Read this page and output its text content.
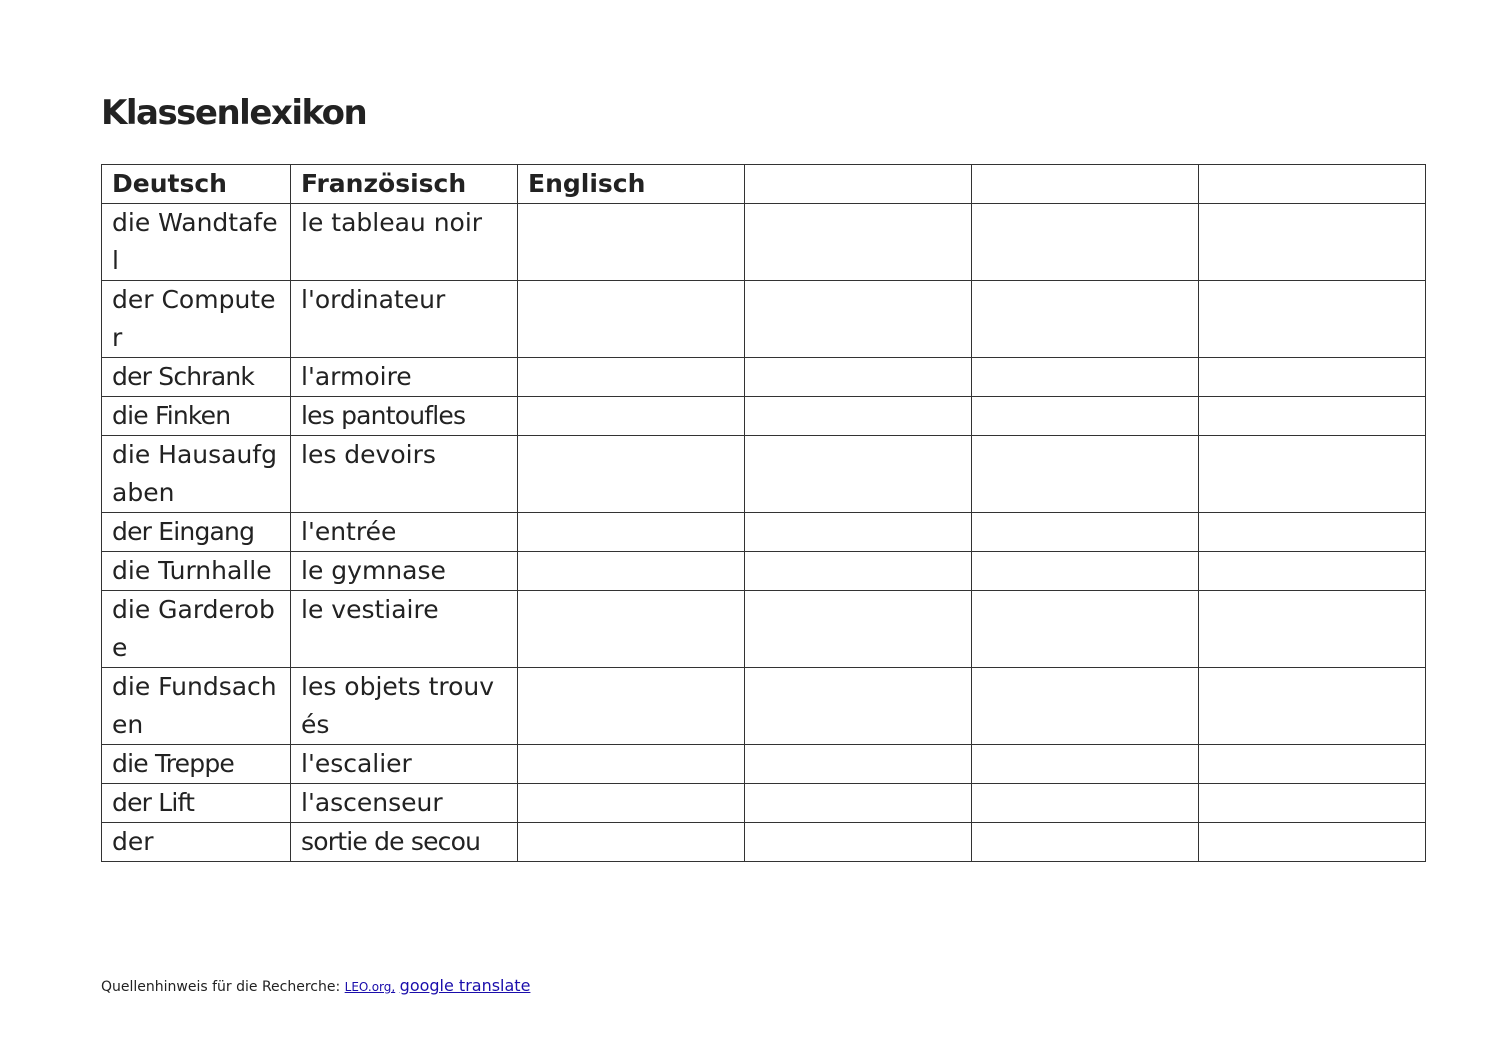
Klassenlexikon
Deutsch	Französisch	Englisch			
die Wandtafel	le tableau noir				
der Computer	l'ordinateur				
der Schrank	l'armoire				
die Finken	les pantoufles				
die Hausaufgaben	les devoirs				
der Eingang	l'entrée				
die Turnhalle	le gymnase				
die Garderobe	le vestiaire				
die Fundsachen	les objets trouvés				
die Treppe	l'escalier				
der Lift	l'ascenseur				
der	sortie de secou				
Quellenhinweis für die Recherche: LEO.org, google translate
